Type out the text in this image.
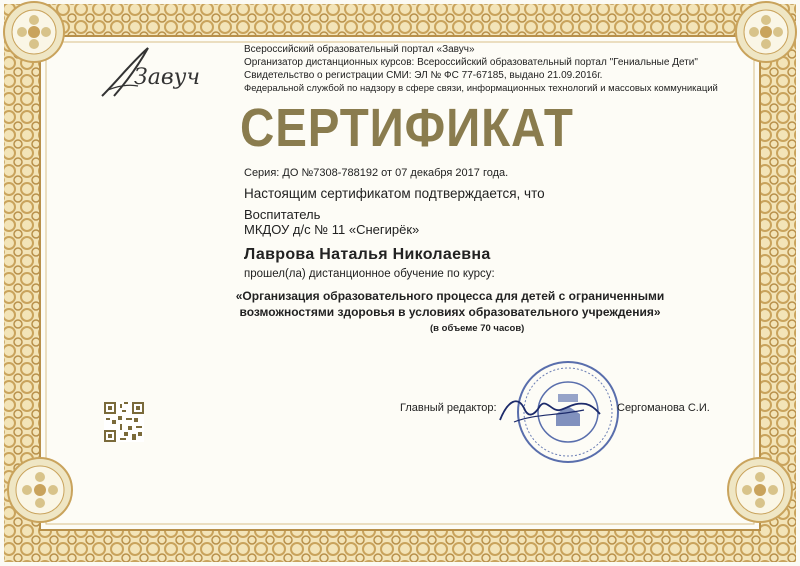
Завуч
Всероссийский образовательный портал «Завуч»
Организатор дистанционных курсов: Всероссийский образовательный портал "Гениальные Дети"
Свидетельство о регистрации СМИ: ЭЛ № ФС 77-67185, выдано 21.09.2016г.
Федеральной службой по надзору в сфере связи, информационных технологий и массовых коммуникаций
СЕРТИФИКАТ
Серия: ДО №7308-788192 от 07 декабря 2017 года.
Настоящим сертификатом подтверждается, что
Воспитатель
МКДОУ д/с № 11 «Снегирёк»
Лаврова Наталья Николаевна
прошел(ла) дистанционное обучение по курсу:
«Организация образовательного процесса для детей с ограниченными
возможностями здоровья в условиях образовательного учреждения»
(в объеме 70 часов)
Главный редактор:	Сергоманова С.И.
